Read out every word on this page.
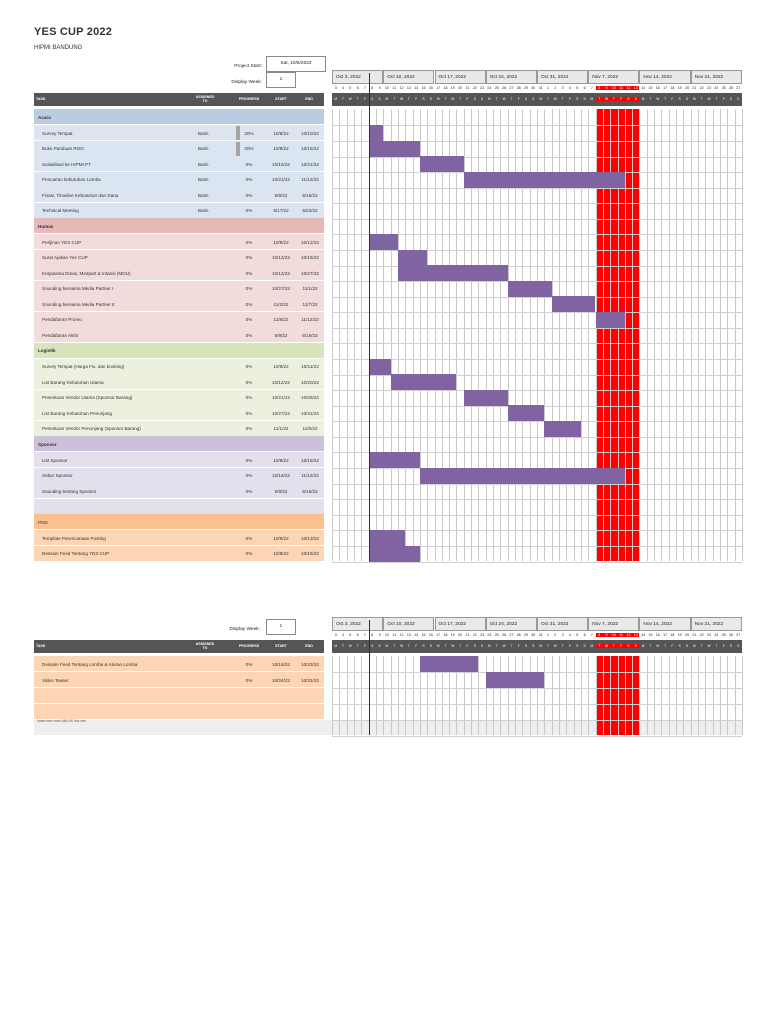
YES CUP 2022
HIPMI BANDUNG
Project Start:
Sat, 10/8/2022
Display Week:
1
Display Week:
1
Oct 3, 2022	Oct 10, 2022	Oct 17, 2022	Oct 24, 2022	Oct 31, 2022	Nov 7, 2022	Nov 14, 2022	Nov 21, 2022
3	4	5	6	7	8	9	10 11 12 13 14 15 16 17 18 19 20 21 22 23 24 25 26 27 28 29 30 31	1	2	3	4	5	6	7	8	9	10 11 12 13 14 15 16 17 18 19 20 21 22 23 24 25 26 27
M	T	W	T	F	S	S	M	T	W	T	F	S	S	M	T	W	T	F	S	S	M	T	W	T	F	S	S	M	T	W	T	F	S	S	M	T	W	T	F	S	S	M	T	W	T	F	S	S	M	T	W	T	F	S	S
TASK	ASSIGNED TO	PROGRESS	START	END
Acara
Survey Tempat	Baim	20%	10/8/22	10/10/22
Buku Panduan ROG	Baim	20%	10/8/22	10/15/22
Sosialisasi ke HIPMI PT	Baim	0%	10/15/22	10/21/22
Pencarian kebutuhan Lomba	Baim	0%	10/21/22	11/12/22
Fixasi, Timeline Kebutuhan dan Dana	Baim	0%	5/9/22	5/16/22
Technical Meeting	Baim	0%	5/17/22	5/22/22
Humas
Perijinan YES CUP	0%	10/8/22	10/12/22
Surat Ajakan Yes CUP	0%	10/13/22	10/16/22
Kerjasama Dinas, Medpart & Intansi (MOU)	0%	10/13/22	10/27/22
Sounding bersama Media Partner I	0%	10/27/22	11/1/22
Sounding bersama Media Partner II	0%	11/2/22	11/7/22
Pendaftaran Promo	0%	11/8/22	11/12/22
Pendaftaran Akhir	0%	5/9/22	5/16/22
Logistik
Survey Tempat (Harga Fix, dan booking)	0%	10/8/22	10/11/22
List Barang Kebutuhan Utama	0%	10/12/22	10/20/22
Penentuan Vendor Utama (Sponsor Barang)	0%	10/21/22	10/26/22
List Barang Kebutuhan Penunjang	0%	10/27/22	10/31/22
Penentuan Vendor Penunjang (Sponsor Barang)	0%	11/1/22	11/5/22
Sponsor
List Sponsor	0%	10/8/22	10/15/22
Sebar Sponsor	0%	10/16/22	11/12/22
Sounding tentang Sponsor	0%	5/9/22	5/16/22
PDD
Template Perencanaan Posting	0%	10/8/22	10/13/22
Dessain Feed Tentang YES CUP	0%	10/8/22	10/15/22
Oct 3, 2022	Oct 10, 2022	Oct 17, 2022	Oct 24, 2022	Oct 31, 2022	Nov 7, 2022	Nov 14, 2022	Nov 21, 2022
3	4	5	6	7	8	9	10 11 12 13 14 15 16 17 18 19 20 21 22 23 24 25 26 27 28 29 30 31	1	2	3	4	5	6	7	8	9	10 11 12 13 14 15 16 17 18 19 20 21 22 23 24 25 26 27
M	T	W	T	F	S	S	M	T	W	T	F	S	S	M	T	W	T	F	S	S	M	T	W	T	F	S	S	M	T	W	T	F	S	S	M	T	W	T	F	S	S	M	T	W	T	F	S	S	M	T	W	T	F	S	S
TASK	ASSIGNED TO	PROGRESS	START	END
Dessain Feed Tentang Lomba & Aturan Lomba	0%	10/16/22	10/23/22
Video Teaser	0%	10/24/22	10/31/22
Insert new rows ABOVE this one
